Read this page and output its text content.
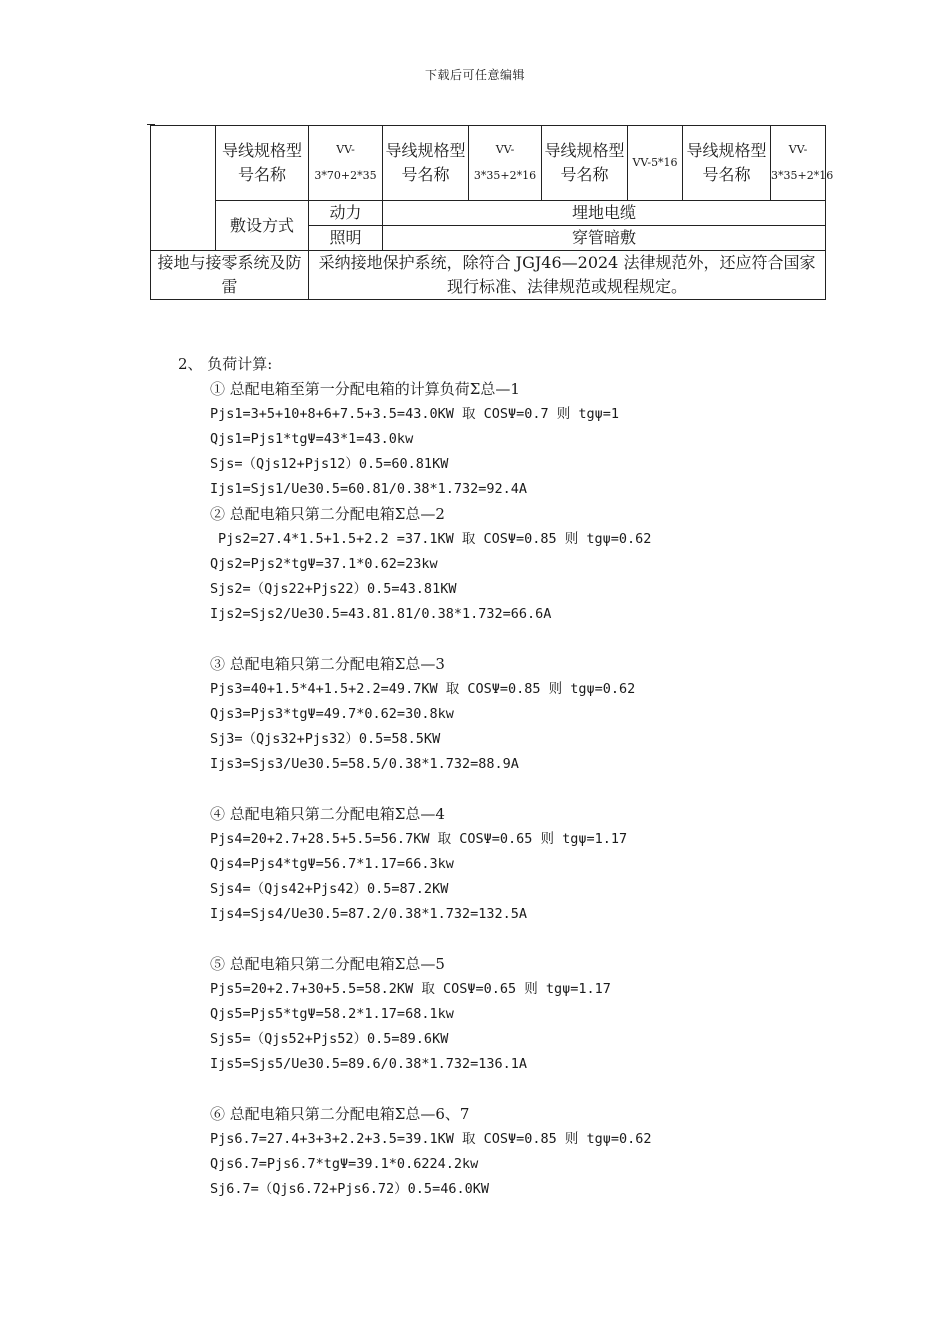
下载后可任意编辑
	导线规格型号名称	VV-3*70+2*35	导线规格型号名称	VV-3*35+2*16	导线规格型号名称	VV-5*16	导线规格型号名称	VV-3*35+2*16
	敷设方式	动力	埋地电缆					
		照明	穿管暗敷					
接地与接零系统及防雷		采纳接地保护系统，除符合 JGJ46—2024 法律规范外，还应符合国家现行标准、法律规范或规程规定。						
2、 负荷计算:
① 总配电箱至第一分配电箱的计算负荷Σ总—1
Pjs1=3+5+10+8+6+7.5+3.5=43.0KW 取 COSΨ=0.7 则 tgψ=1
Qjs1=Pjs1*tgΨ=43*1=43.0kw
Sjs=（Qjs12+Pjs12）0.5=60.81KW
Ijs1=Sjs1/Ue30.5=60.81/0.38*1.732=92.4A
② 总配电箱只第二分配电箱Σ总—2
Pjs2=27.4*1.5+1.5+2.2 =37.1KW 取 COSΨ=0.85 则 tgψ=0.62
Qjs2=Pjs2*tgΨ=37.1*0.62=23kw
Sjs2=（Qjs22+Pjs22）0.5=43.81KW
Ijs2=Sjs2/Ue30.5=43.81.81/0.38*1.732=66.6A
③ 总配电箱只第二分配电箱Σ总—3
Pjs3=40+1.5*4+1.5+2.2=49.7KW 取 COSΨ=0.85 则 tgψ=0.62
Qjs3=Pjs3*tgΨ=49.7*0.62=30.8kw
Sj3=（Qjs32+Pjs32）0.5=58.5KW
Ijs3=Sjs3/Ue30.5=58.5/0.38*1.732=88.9A
④ 总配电箱只第二分配电箱Σ总—4
Pjs4=20+2.7+28.5+5.5=56.7KW 取 COSΨ=0.65 则 tgψ=1.17
Qjs4=Pjs4*tgΨ=56.7*1.17=66.3kw
Sjs4=（Qjs42+Pjs42）0.5=87.2KW
Ijs4=Sjs4/Ue30.5=87.2/0.38*1.732=132.5A
⑤ 总配电箱只第二分配电箱Σ总—5
Pjs5=20+2.7+30+5.5=58.2KW 取 COSΨ=0.65 则 tgψ=1.17
Qjs5=Pjs5*tgΨ=58.2*1.17=68.1kw
Sjs5=（Qjs52+Pjs52）0.5=89.6KW
Ijs5=Sjs5/Ue30.5=89.6/0.38*1.732=136.1A
⑥ 总配电箱只第二分配电箱Σ总—6、7
Pjs6.7=27.4+3+3+2.2+3.5=39.1KW 取 COSΨ=0.85 则 tgψ=0.62
Qjs6.7=Pjs6.7*tgΨ=39.1*0.6224.2kw
Sj6.7=（Qjs6.72+Pjs6.72）0.5=46.0KW
